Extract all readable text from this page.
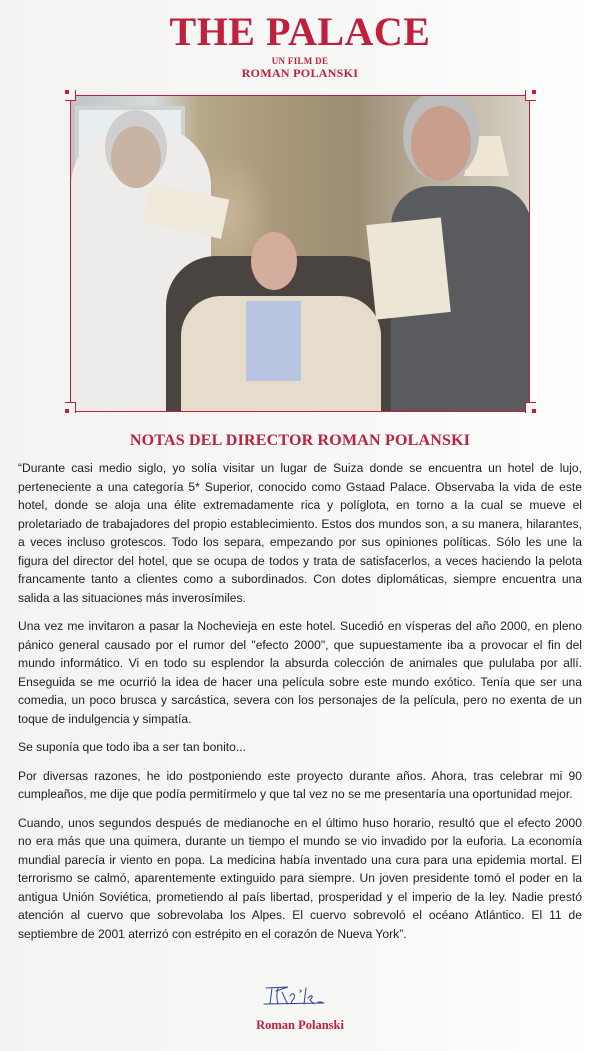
THE PALACE
UN FILM DE
ROMAN POLANSKI
NOTAS DEL DIRECTOR ROMAN POLANSKI

“Durante casi medio siglo, yo solía visitar un lugar de Suiza donde se encuentra un hotel de lujo, perteneciente a una categoría 5* Superior, conocido como Gstaad Palace. Observaba la vida de este hotel, donde se aloja una élite extremadamente rica y políglota, en torno a la cual se mueve el proletariado de trabajadores del propio establecimiento. Estos dos mundos son, a su manera, hilarantes, a veces incluso grotescos. Todo los separa, empezando por sus opiniones políticas. Sólo les une la figura del director del hotel, que se ocupa de todos y trata de satisfacerlos, a veces haciendo la pelota francamente tanto a clientes como a subordinados. Con dotes diplomáticas, siempre encuentra una salida a las situaciones más inverosímiles.

Una vez me invitaron a pasar la Nochevieja en este hotel. Sucedió en vísperas del año 2000, en pleno pánico general causado por el rumor del "efecto 2000", que supuestamente iba a provocar el fin del mundo informático. Vi en todo su esplendor la absurda colección de animales que pululaba por allí. Enseguida se me ocurrió la idea de hacer una película sobre este mundo exótico. Tenía que ser una comedia, un poco brusca y sarcástica, severa con los personajes de la película, pero no exenta de un toque de indulgencia y simpatía.

Se suponía que todo iba a ser tan bonito...

Por diversas razones, he ido postponiendo este proyecto durante años. Ahora, tras celebrar mi 90 cumpleaños, me dije que podía permitírmelo y que tal vez no se me presentaría una oportunidad mejor.

Cuando, unos segundos después de medianoche en el último huso horario, resultó que el efecto 2000 no era más que una quimera, durante un tiempo el mundo se vio invadido por la euforia. La economía mundial parecía ir viento en popa. La medicina había inventado una cura para una epidemia mortal. El terrorismo se calmó, aparentemente extinguido para siempre. Un joven presidente tomó el poder en la antigua Unión Soviética, prometiendo al país libertad, prosperidad y el imperio de la ley. Nadie prestó atención al cuervo que sobrevolaba los Alpes. El cuervo sobrevoló el océano Atlántico. El 11 de septiembre de 2001 aterrizó con estrépito en el corazón de Nueva York”.

Roman Polanski
